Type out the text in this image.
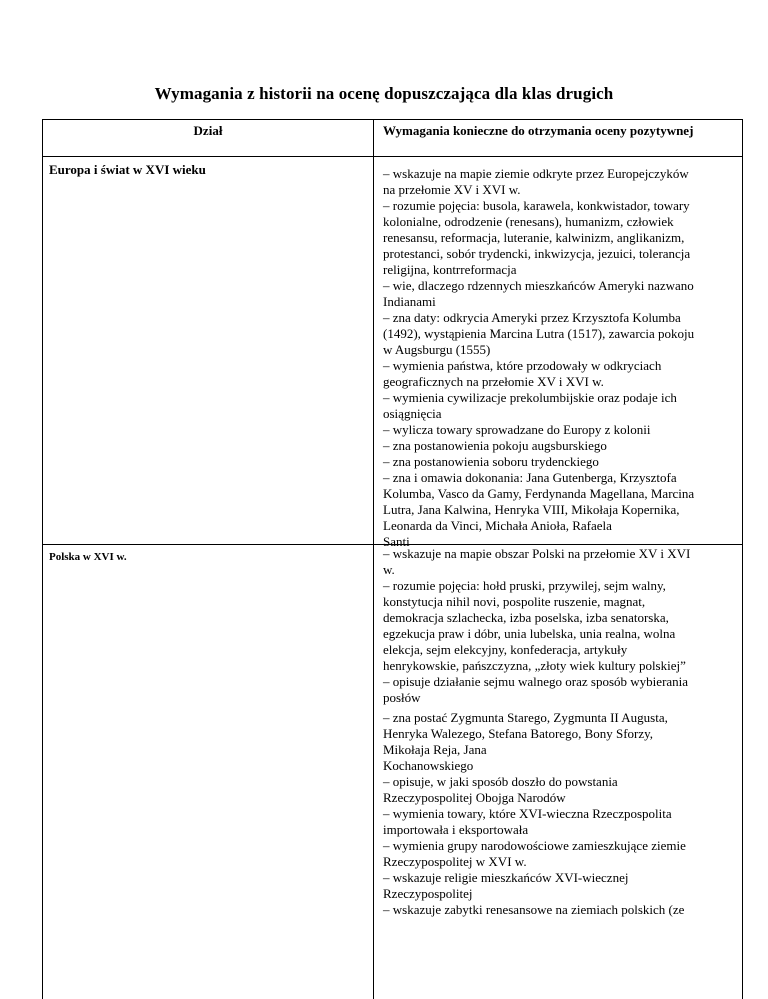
Wymagania z historii na ocenę dopuszczająca dla klas drugich
Dział	Wymagania konieczne do otrzymania oceny pozytywnej
Europa i świat w XVI wieku	– wskazuje na mapie ziemie odkryte przez Europejczyków
na przełomie XV i XVI w.
– rozumie pojęcia: busola, karawela, konkwistador, towary
kolonialne, odrodzenie (renesans), humanizm, człowiek
renesansu, reformacja, luteranie, kalwinizm, anglikanizm,
protestanci, sobór trydencki, inkwizycja, jezuici, tolerancja
religijna, kontrreformacja
– wie, dlaczego rdzennych mieszkańców Ameryki nazwano
Indianami
– zna daty: odkrycia Ameryki przez Krzysztofa Kolumba
(1492), wystąpienia Marcina Lutra (1517), zawarcia pokoju
w Augsburgu (1555)
– wymienia państwa, które przodowały w odkryciach
geograficznych na przełomie XV i XVI w.
– wymienia cywilizacje prekolumbijskie oraz podaje ich
osiągnięcia
– wylicza towary sprowadzane do Europy z kolonii
– zna postanowienia pokoju augsburskiego
– zna postanowienia soboru trydenckiego
– zna i omawia dokonania: Jana Gutenberga, Krzysztofa
Kolumba, Vasco da Gamy, Ferdynanda Magellana, Marcina
Lutra, Jana Kalwina, Henryka VIII, Mikołaja Kopernika,
Leonarda da Vinci, Michała Anioła, Rafaela
Santi
Polska w XVI w.	– wskazuje na mapie obszar Polski na przełomie XV i XVI
w.
– rozumie pojęcia: hołd pruski, przywilej, sejm walny,
konstytucja nihil novi, pospolite ruszenie, magnat,
demokracja szlachecka, izba poselska, izba senatorska,
egzekucja praw i dóbr, unia lubelska, unia realna, wolna
elekcja, sejm elekcyjny, konfederacja, artykuły
henrykowskie, pańszczyzna, „złoty wiek kultury polskiej”
– opisuje działanie sejmu walnego oraz sposób wybierania
posłów
– zna postać Zygmunta Starego, Zygmunta II Augusta,
Henryka Walezego, Stefana Batorego, Bony Sforzy,
Mikołaja Reja, Jana
Kochanowskiego
– opisuje, w jaki sposób doszło do powstania
Rzeczypospolitej Obojga Narodów
– wymienia towary, które XVI-wieczna Rzeczpospolita
importowała i eksportowała
– wymienia grupy narodowościowe zamieszkujące ziemie
Rzeczypospolitej w XVI w.
– wskazuje religie mieszkańców XVI-wiecznej
Rzeczypospolitej
– wskazuje zabytki renesansowe na ziemiach polskich (ze
